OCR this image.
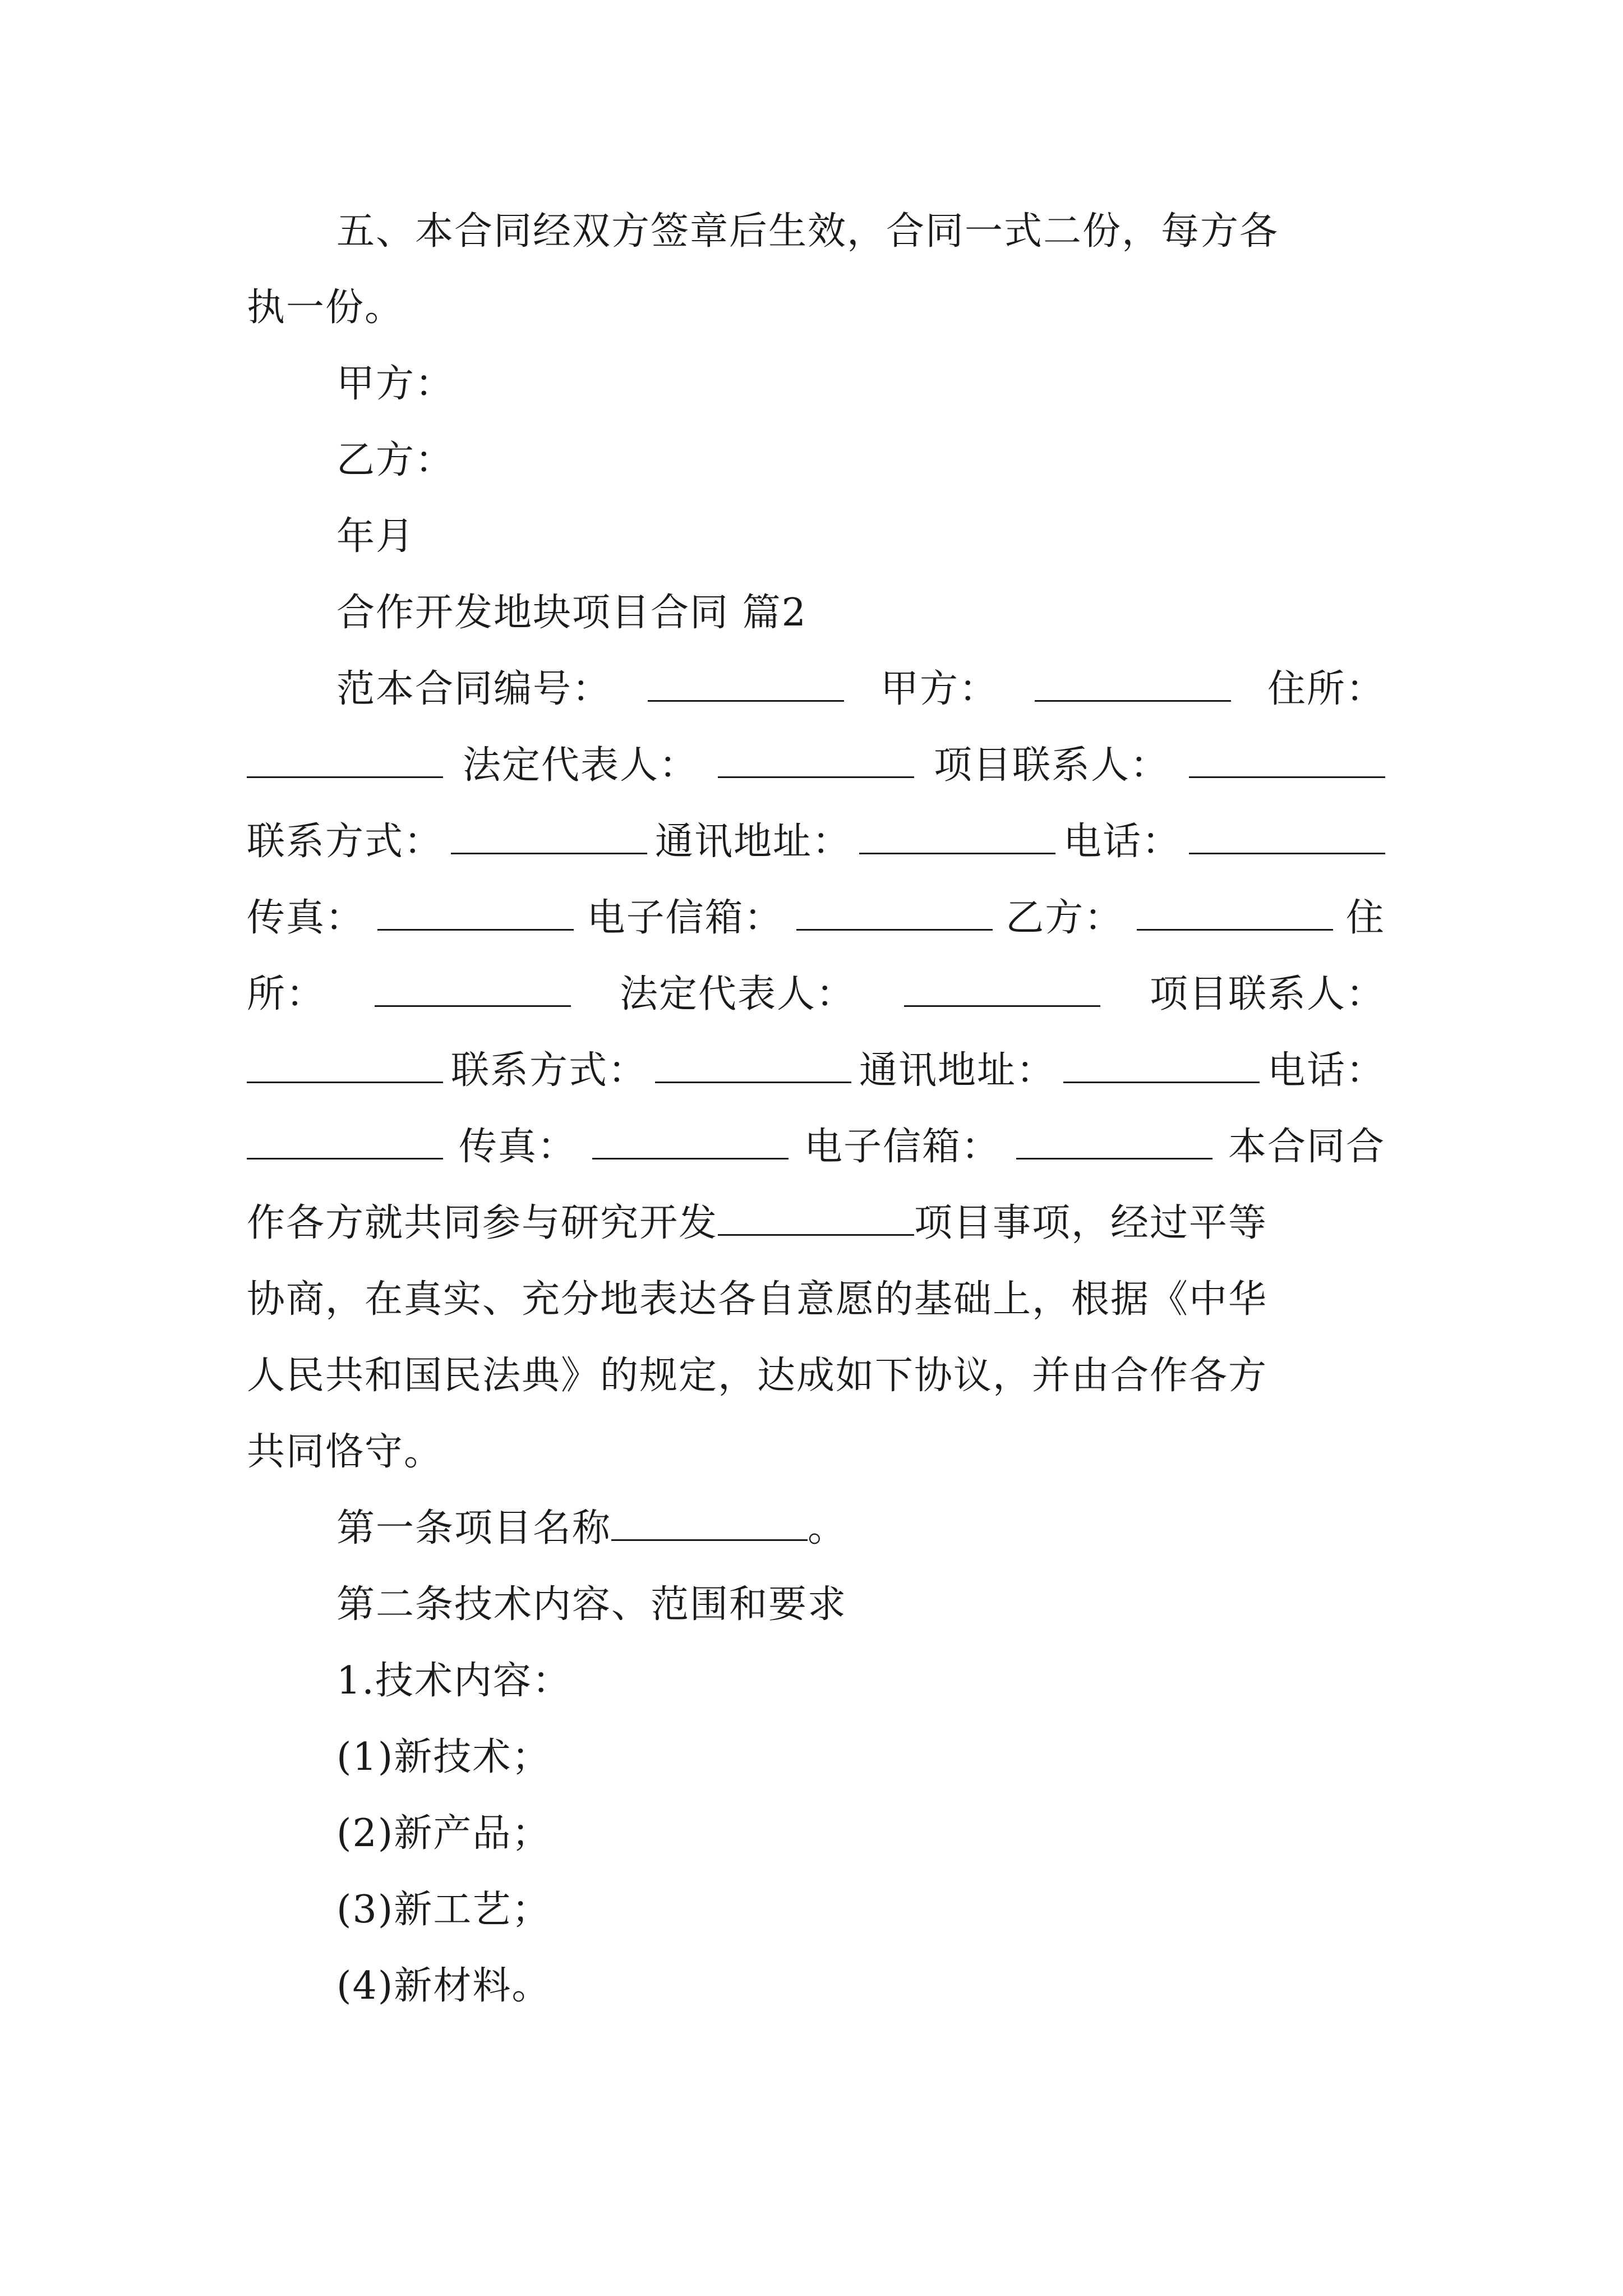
五、本合同经双方签章后生效，合同一式二份，每方各
执一份。
甲方：
乙方：
年月
合作开发地块项目合同 篇2
范本合同编号：	甲方：	住所：
法定代表人：	项目联系人：
联系方式：	通讯地址：	电话：
传真：	电子信箱：	乙方：	住
所：	法定代表人：	项目联系人：
联系方式：	通讯地址：	电话：
传真：	电子信箱：	本合同合
作各方就共同参与研究开发	项目事项，经过平等
协商，在真实、充分地表达各自意愿的基础上，根据《中华
人民共和国民法典》的规定，达成如下协议，并由合作各方
共同恪守。
第一条项目名称	。
第二条技术内容、范围和要求
1.技术内容：
(1)新技术；
(2)新产品；
(3)新工艺；
(4)新材料。
